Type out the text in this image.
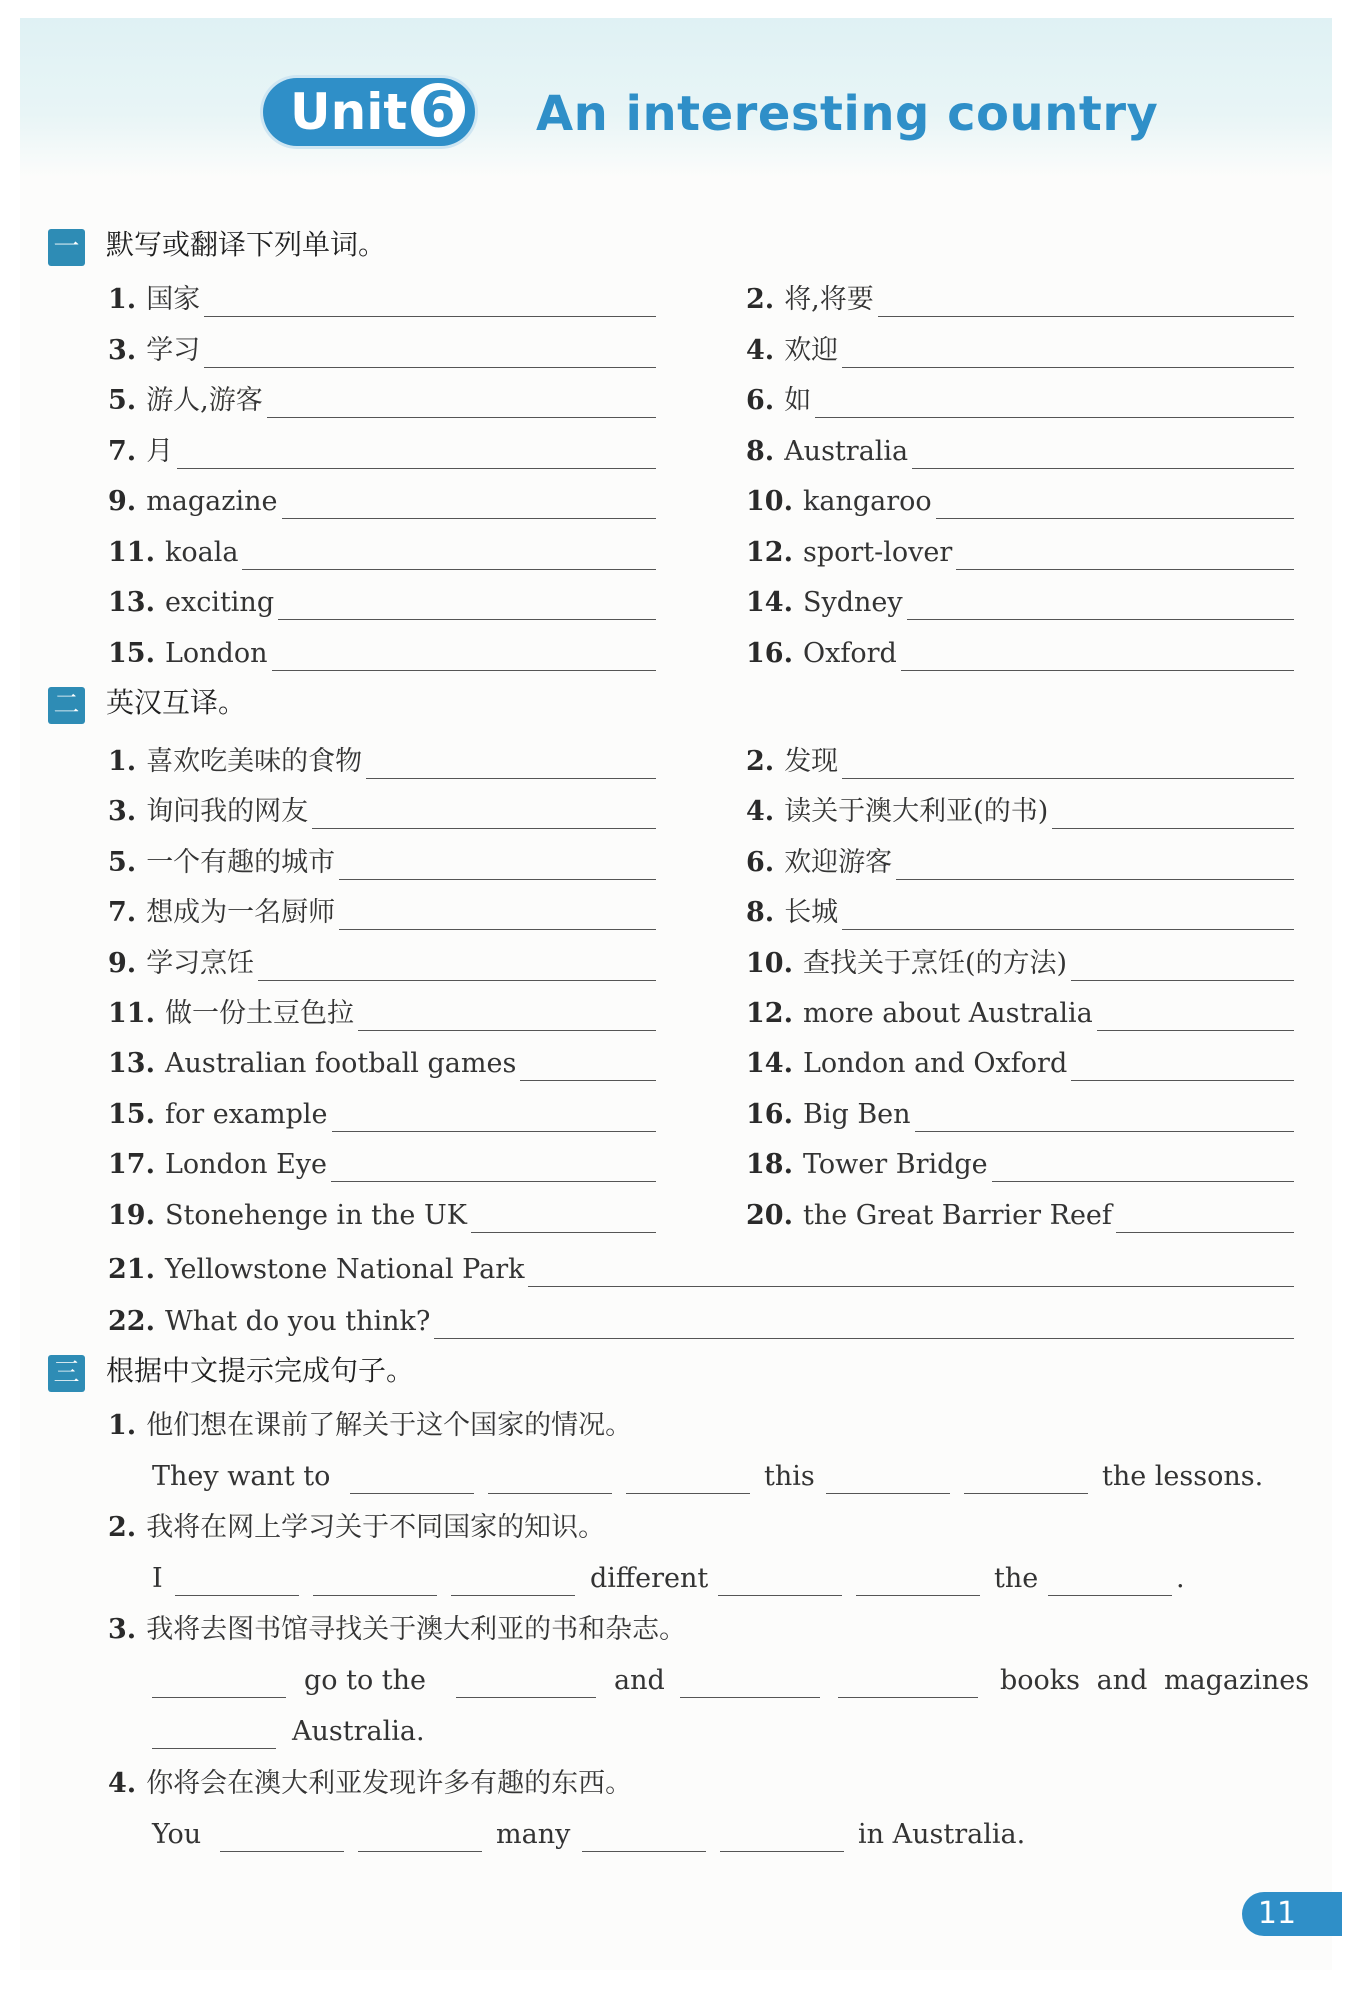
Unit 6 An interesting country
一 默写或翻译下列单词。
1. 国家	2. 将,将要
3. 学习	4. 欢迎
5. 游人,游客	6. 如
7. 月	8. Australia
9. magazine	10. kangaroo
11. koala	12. sport-lover
13. exciting	14. Sydney
15. London	16. Oxford
二 英汉互译。
1. 喜欢吃美味的食物	2. 发现
3. 询问我的网友	4. 读关于澳大利亚(的书)
5. 一个有趣的城市	6. 欢迎游客
7. 想成为一名厨师	8. 长城
9. 学习烹饪	10. 查找关于烹饪(的方法)
11. 做一份土豆色拉	12. more about Australia
13. Australian football games	14. London and Oxford
15. for example	16. Big Ben
17. London Eye	18. Tower Bridge
19. Stonehenge in the UK	20. the Great Barrier Reef
21. Yellowstone National Park
22. What do you think?
三 根据中文提示完成句子。
1. 他们想在课前了解关于这个国家的情况。
They want to	this	the lessons.
2. 我将在网上学习关于不同国家的知识。
I	different	the	.
3. 我将去图书馆寻找关于澳大利亚的书和杂志。
go to the	and	books and magazines
Australia.
4. 你将会在澳大利亚发现许多有趣的东西。
You	many	in Australia.
11
